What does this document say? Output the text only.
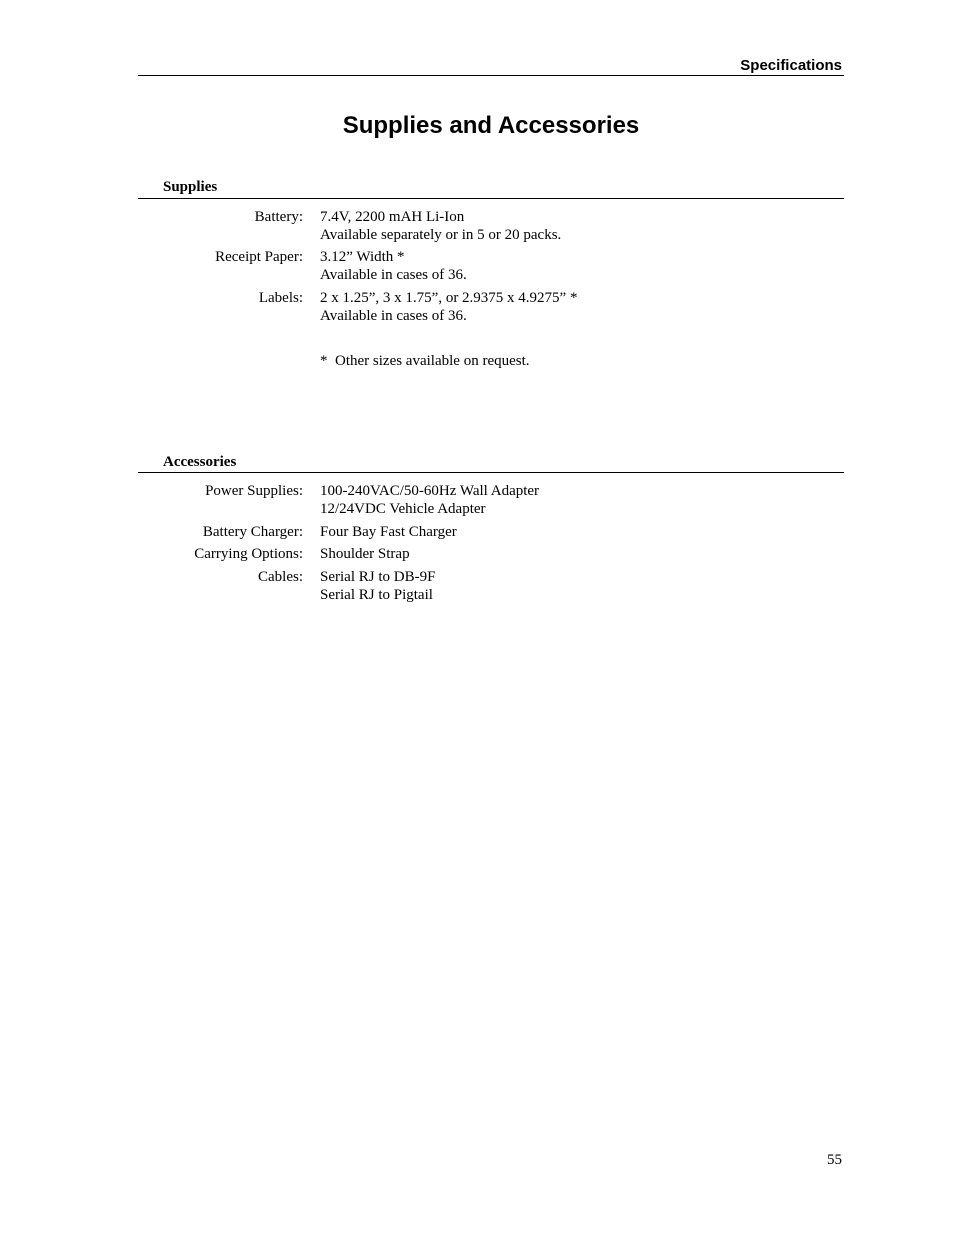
Specifications
Supplies and Accessories
Supplies
Battery: 7.4V, 2200 mAH Li-Ion
Available separately or in 5 or 20 packs.
Receipt Paper: 3.12” Width *
Available in cases of 36.
Labels: 2 x 1.25”, 3 x 1.75”, or 2.9375 x 4.9275” *
Available in cases of 36.
*  Other sizes available on request.
Accessories
Power Supplies: 100-240VAC/50-60Hz Wall Adapter
12/24VDC Vehicle Adapter
Battery Charger: Four Bay Fast Charger
Carrying Options: Shoulder Strap
Cables: Serial RJ to DB-9F
Serial RJ to Pigtail
55
